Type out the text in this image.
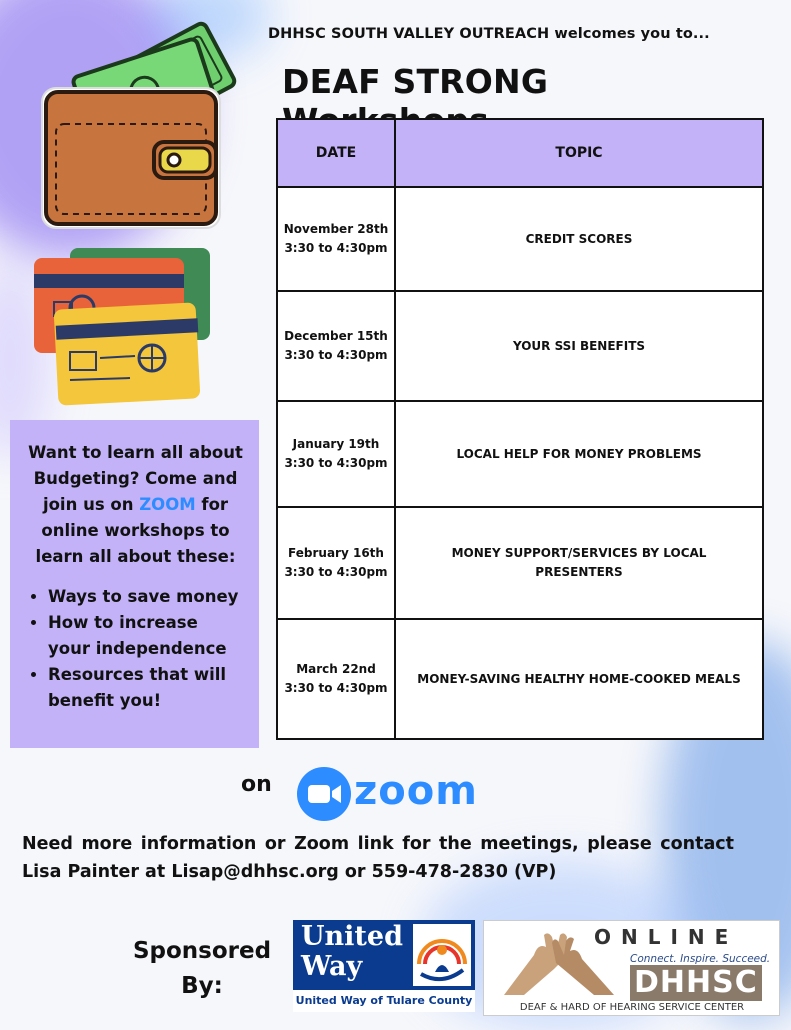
DHHSC SOUTH VALLEY OUTREACH welcomes you to...
DEAF STRONG
DATE	TOPIC

November 28th
3:30 to 4:30pm	CREDIT SCORES

December 15th
3:30 to 4:30pm	YOUR SSI BENEFITS

January 19th
3:30 to 4:30pm	LOCAL HELP FOR MONEY PROBLEMS

February 16th
3:30 to 4:30pm	MONEY SUPPORT/SERVICES BY LOCAL PRESENTERS

March 22nd
3:30 to 4:30pm	MONEY-SAVING HEALTHY HOME-COOKED MEALS
Want to learn all about Budgeting? Come and join us on ZOOM for online workshops to learn all about these:
• Ways to save money
• How to increase your independence
• Resources that will benefit you!
on zoom
Need more information or Zoom link for the meetings, please contact Lisa Painter at Lisap@dhhsc.org or 559-478-2830 (VP)
Sponsored
By:
United
Way
United Way of Tulare County
ONLINE
Connect. Inspire. Succeed.
DHHSC
DEAF & HARD OF HEARING SERVICE CENTER
